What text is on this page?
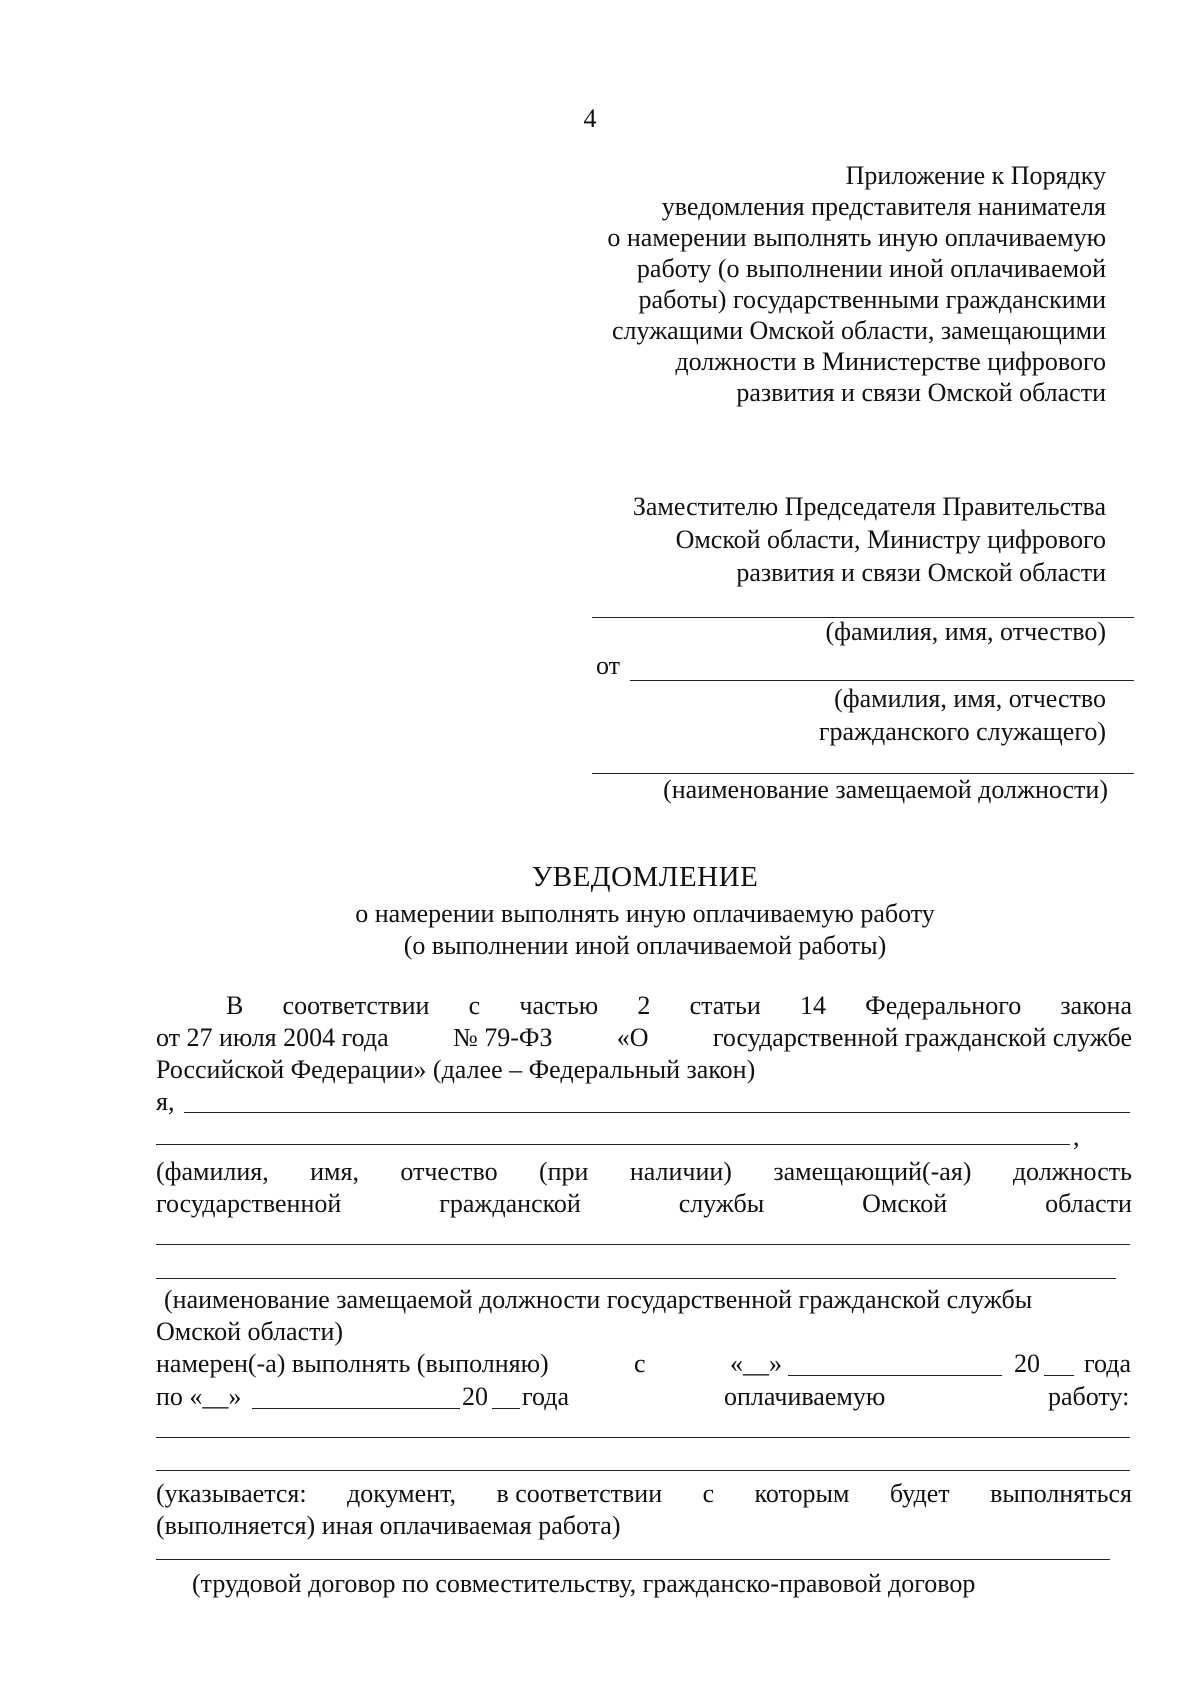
4
Приложение к Порядку
уведомления представителя нанимателя
о намерении выполнять иную оплачиваемую
работу (о выполнении иной оплачиваемой
работы) государственными гражданскими
служащими Омской области, замещающими
должности в Министерстве цифрового
развития и связи Омской области
Заместителю Председателя Правительства
Омской области, Министру цифрового
развития и связи Омской области
(фамилия, имя, отчество)
от
(фамилия, имя, отчество
гражданского служащего)
(наименование замещаемой должности)
УВЕДОМЛЕНИЕ
о намерении выполнять иную оплачиваемую работу
(о выполнении иной оплачиваемой работы)
В соответствии с частью 2 статьи 14 Федерального закона
от 27 июля 2004 года № 79-ФЗ «О государственной гражданской службе
Российской Федерации» (далее – Федеральный закон)
я,
,
(фамилия, имя, отчество (при наличии) замещающий(-ая) должность
государственной	гражданской	службы	Омской	области
(наименование замещаемой должности государственной гражданской службы
Омской области)
намерен(-а) выполнять (выполняю)	с	«__»	20 года
по «__»	20 года	оплачиваемую	работу:
(указывается: документ, в соответствии с которым будет выполняться
(выполняется) иная оплачиваемая работа)
(трудовой договор по совместительству, гражданско-правовой договор
